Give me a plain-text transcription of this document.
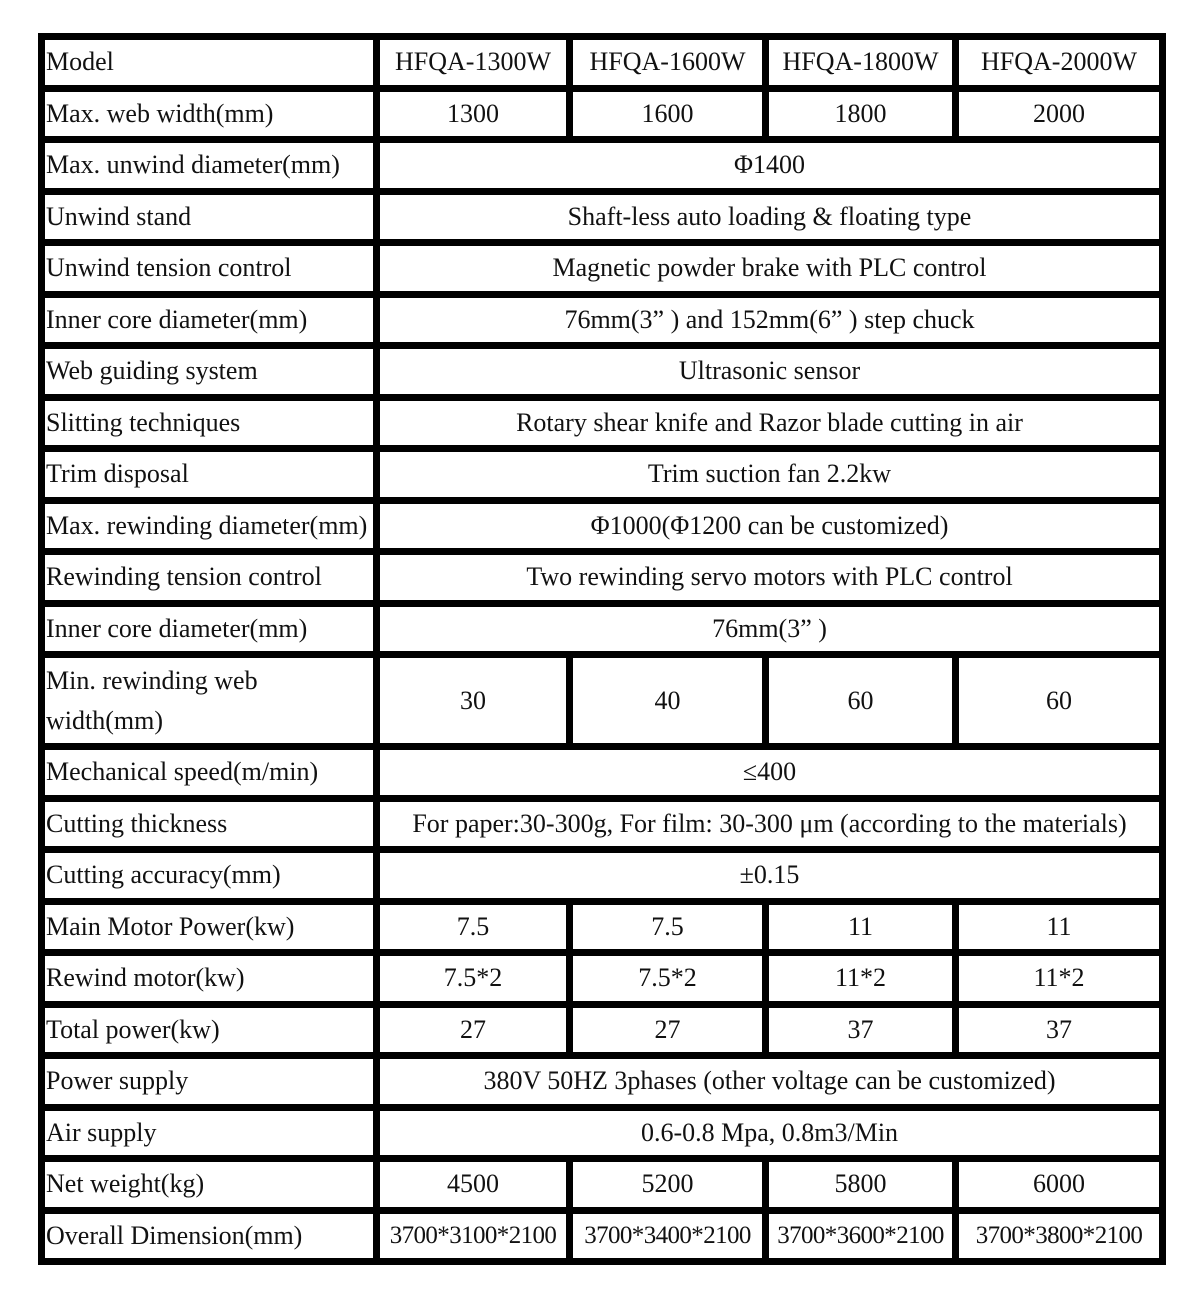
Model	HFQA-1300W	HFQA-1600W	HFQA-1800W	HFQA-2000W
Max. web width(mm)	1300	1600	1800	2000
Max. unwind diameter(mm)	Φ1400			
Unwind stand	Shaft-less auto loading & floating type			
Unwind tension control	Magnetic powder brake with PLC control			
Inner core diameter(mm)	76mm(3” ) and 152mm(6” ) step chuck			
Web guiding system	Ultrasonic sensor			
Slitting techniques	Rotary shear knife and Razor blade cutting in air			
Trim disposal	Trim suction fan 2.2kw			
Max. rewinding diameter(mm)	Φ1000(Φ1200 can be customized)			
Rewinding tension control	Two rewinding servo motors with PLC control			
Inner core diameter(mm)	76mm(3” )			
Min. rewinding web width(mm)	30	40	60	60
Mechanical speed(m/min)	≤400			
Cutting thickness	For paper:30-300g, For film: 30-300 μm (according to the materials)			
Cutting accuracy(mm)	±0.15			
Main Motor Power(kw)	7.5	7.5	11	11
Rewind motor(kw)	7.5*2	7.5*2	11*2	11*2
Total power(kw)	27	27	37	37
Power supply	380V 50HZ 3phases (other voltage can be customized)			
Air supply	0.6-0.8 Mpa, 0.8m3/Min			
Net weight(kg)	4500	5200	5800	6000
Overall Dimension(mm)	3700*3100*2100	3700*3400*2100	3700*3600*2100	3700*3800*2100
